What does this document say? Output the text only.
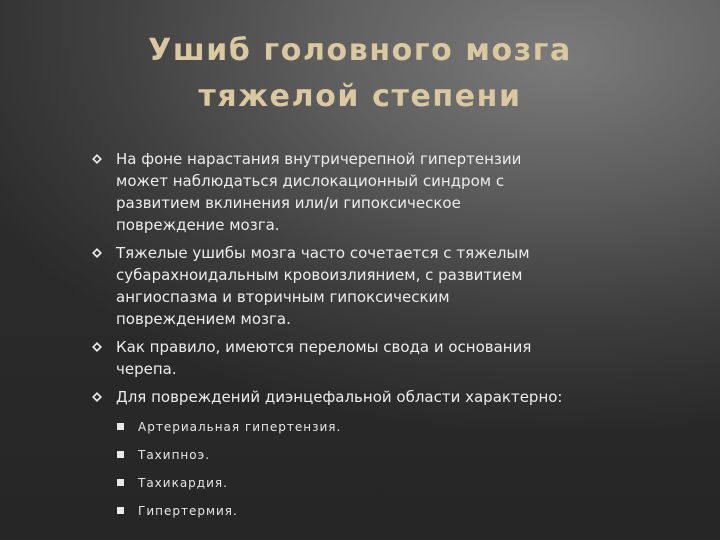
Ушиб головного мозга
тяжелой степени
На фоне нарастания внутричерепной гипертензии
может наблюдаться дислокационный синдром с
развитием вклинения или/и гипоксическое
повреждение мозга.
Тяжелые ушибы мозга часто сочетается с тяжелым
субарахноидальным кровоизлиянием, с развитием
ангиоспазма и вторичным гипоксическим
повреждением мозга.
Как правило, имеются переломы свода и основания
черепа.
Для повреждений диэнцефальной области характерно:
Артериальная гипертензия.
Тахипноэ.
Тахикардия.
Гипертермия.
